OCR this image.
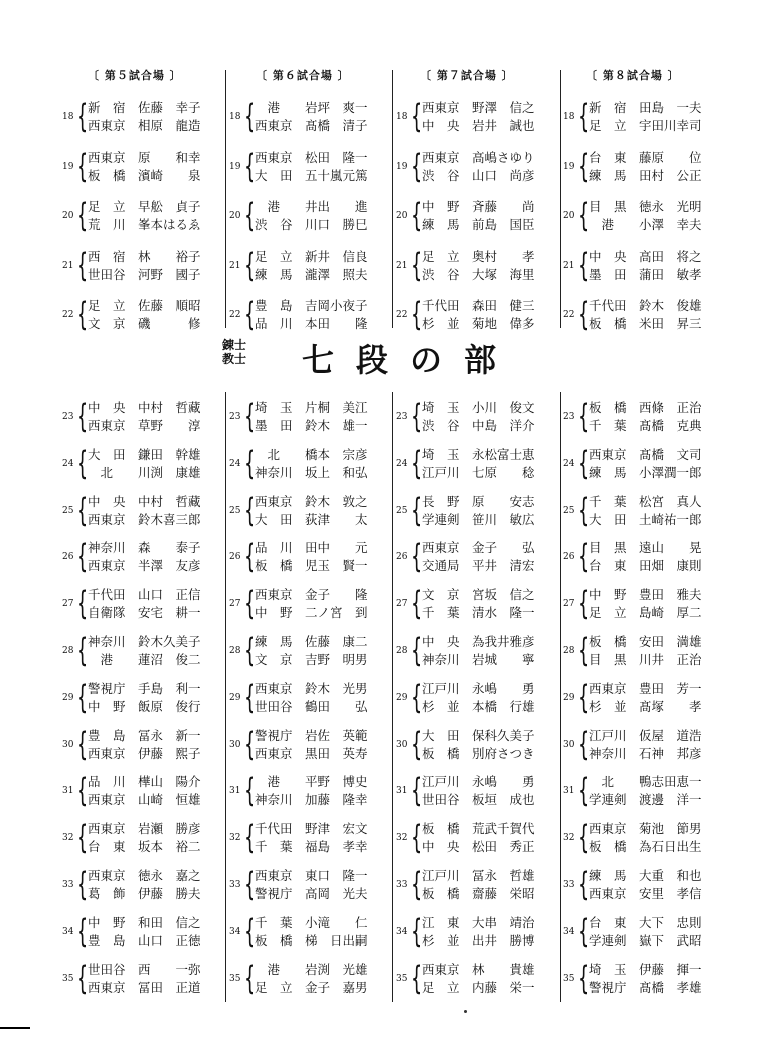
〔 第５試合場 〕	〔 第６試合場 〕	〔 第７試合場 〕	〔 第８試合場 〕
錬士
教士	七段の部
18 { 新　宿 佐藤　幸子
西東京 相原　龍造
19 { 西東京 原　　和幸
板　橋 濱崎　　泉
20 { 足　立 早舩　貞子
荒　川 峯本はるゑ
21 { 西　宿 林　　裕子
世田谷 河野　國子
22 { 足　立 佐藤　順昭
文　京 磯　　　修
18 { 　港 岩坪　爽一
西東京 髙橋　清子
19 { 西東京 松田　隆一
大　田 五十嵐元篤
20 { 　港 井出　　進
渋　谷 川口　勝巳
21 { 足　立 新井　信良
練　馬 瀧澤　照夫
22 { 豊　島 吉岡小夜子
品　川 本田　　隆
18 { 西東京 野澤　信之
中　央 岩井　誠也
19 { 西東京 高嶋さゆり
渋　谷 山口　尚彦
20 { 中　野 斉藤　　尚
練　馬 前島　国臣
21 { 足　立 奥村　　孝
渋　谷 大塚　海里
22 { 千代田 森田　健三
杉　並 菊地　偉多
18 { 新　宿 田島　一夫
足　立 宇田川幸司
19 { 台　東 藤原　　位
練　馬 田村　公正
20 { 目　黒 徳永　光明
　港 小澤　幸夫
21 { 中　央 高田　将之
墨　田 蒲田　敏孝
22 { 千代田 鈴木　俊雄
板　橋 米田　昇三
23 { 中　央 中村　哲藏
西東京 草野　　淳
24 { 大　田 鎌田　幹雄
　北 川渕　康雄
25 { 中　央 中村　哲藏
西東京 鈴木喜三郎
26 { 神奈川 森　　泰子
西東京 半澤　友彦
27 { 千代田 山口　正信
自衛隊 安宅　耕一
28 { 神奈川 鈴木久美子
　港 蓮沼　俊二
29 { 警視庁 手島　利一
中　野 飯原　俊行
30 { 豊　島 冨永　新一
西東京 伊藤　熙子
31 { 品　川 樺山　陽介
西東京 山崎　恒雄
32 { 西東京 岩瀬　勝彦
台　東 坂本　裕二
33 { 西東京 徳永　嘉之
葛　飾 伊藤　勝夫
34 { 中　野 和田　信之
豊　島 山口　正徳
35 { 世田谷 西　　一弥
西東京 冨田　正道
23 { 埼　玉 片桐　美江
墨　田 鈴木　雄一
24 { 　北 橋本　宗彦
神奈川 坂上　和弘
25 { 西東京 鈴木　敦之
大　田 荻津　　太
26 { 品　川 田中　　元
板　橋 児玉　賢一
27 { 西東京 金子　　隆
中　野 二ノ宮　到
28 { 練　馬 佐藤　康二
文　京 吉野　明男
29 { 西東京 鈴木　光男
世田谷 鶴田　　弘
30 { 警視庁 岩佐　英範
西東京 黒田　英寿
31 { 　港 平野　博史
神奈川 加藤　隆幸
32 { 千代田 野津　宏文
千　葉 福島　孝幸
33 { 西東京 東口　隆一
警視庁 高岡　光夫
34 { 千　葉 小滝　　仁
板　橋 梯　日出嗣
35 { 　港 岩渕　光雄
足　立 金子　嘉男
23 { 埼　玉 小川　俊文
渋　谷 中島　洋介
24 { 埼　玉 永松富士恵
江戸川 七原　　稔
25 { 長　野 原　　安志
学連剣 笹川　敏広
26 { 西東京 金子　　弘
交通局 平井　清宏
27 { 文　京 宮坂　信之
千　葉 清水　隆一
28 { 中　央 為我井雅彦
神奈川 岩城　　寧
29 { 江戸川 永嶋　　勇
杉　並 本橋　行雄
30 { 大　田 保科久美子
板　橋 別府さつき
31 { 江戸川 永嶋　　勇
世田谷 板垣　成也
32 { 板　橋 荒武千賀代
中　央 松田　秀正
33 { 江戸川 冨永　哲雄
板　橋 齋藤　栄昭
34 { 江　東 大串　靖治
杉　並 出井　勝博
35 { 西東京 林　　貴雄
足　立 内藤　栄一
23 { 板　橋 西條　正治
千　葉 髙橋　克典
24 { 西東京 髙橋　文司
練　馬 小澤潤一郎
25 { 千　葉 松宮　真人
大　田 土崎祐一郎
26 { 目　黒 遠山　　晃
台　東 田畑　康則
27 { 中　野 豊田　雅夫
足　立 島崎　厚二
28 { 板　橋 安田　満雄
目　黒 川井　正治
29 { 西東京 豊田　芳一
杉　並 髙塚　　孝
30 { 江戸川 仮屋　道浩
神奈川 石神　邦彦
31 { 　北 鴨志田恵一
学連剣 渡邊　洋一
32 { 西東京 菊池　節男
板　橋 為石日出生
33 { 練　馬 大重　和也
西東京 安里　孝信
34 { 台　東 大下　忠則
学連剣 嶽下　武昭
35 { 埼　玉 伊藤　揮一
警視庁 髙橋　孝雄
